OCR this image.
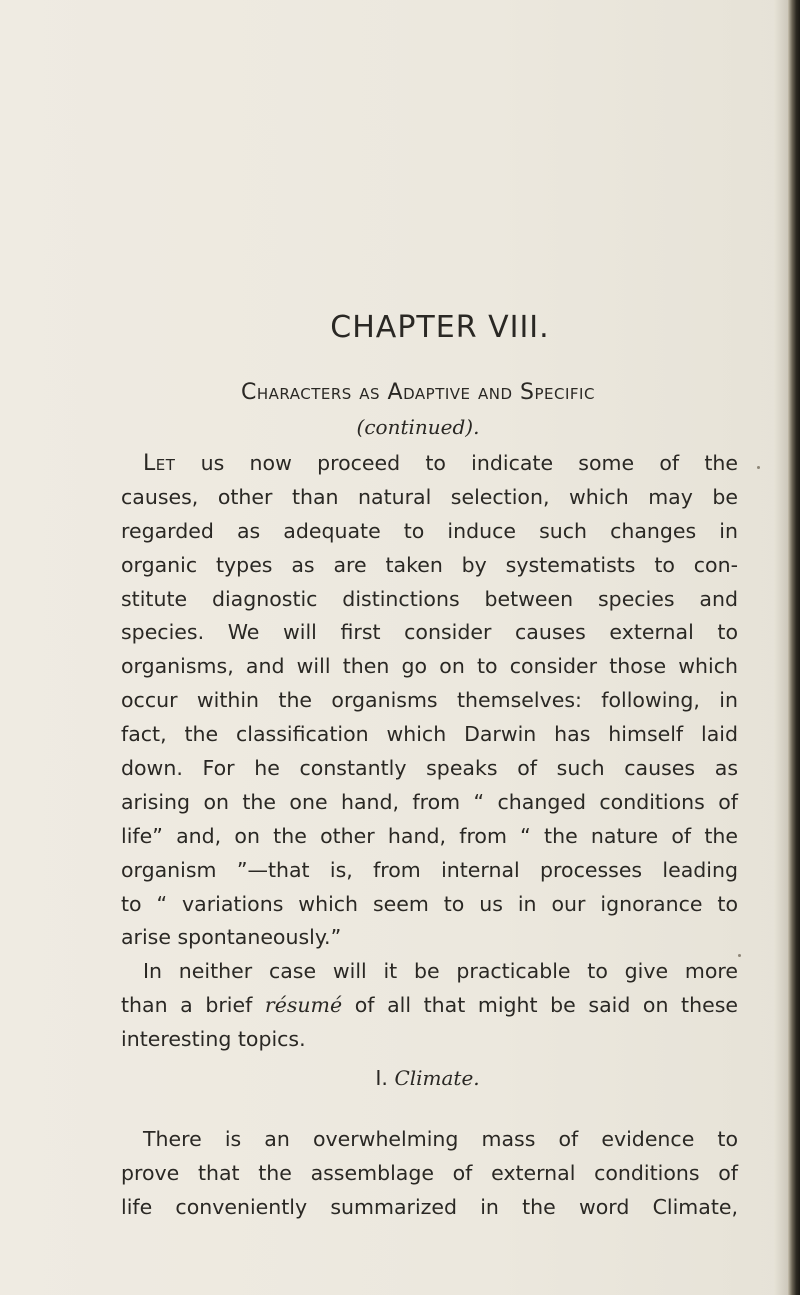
CHAPTER VIII.

Characters as Adaptive and Specific

(continued).

Let us now proceed to indicate some of the
causes, other than natural selection, which may be
regarded as adequate to induce such changes in
organic types as are taken by systematists to con-
stitute diagnostic distinctions between species and
species. We will first consider causes external to
organisms, and will then go on to consider those which
occur within the organisms themselves: following, in
fact, the classification which Darwin has himself laid
down. For he constantly speaks of such causes as
arising on the one hand, from “ changed conditions of
life” and, on the other hand, from “ the nature of the
organism ”—that is, from internal processes leading
to “ variations which seem to us in our ignorance to
arise spontaneously.”
In neither case will it be practicable to give more
than a brief résumé of all that might be said on these
interesting topics.

I. Climate.

There is an overwhelming mass of evidence to
prove that the assemblage of external conditions of
life conveniently summarized in the word Climate,
